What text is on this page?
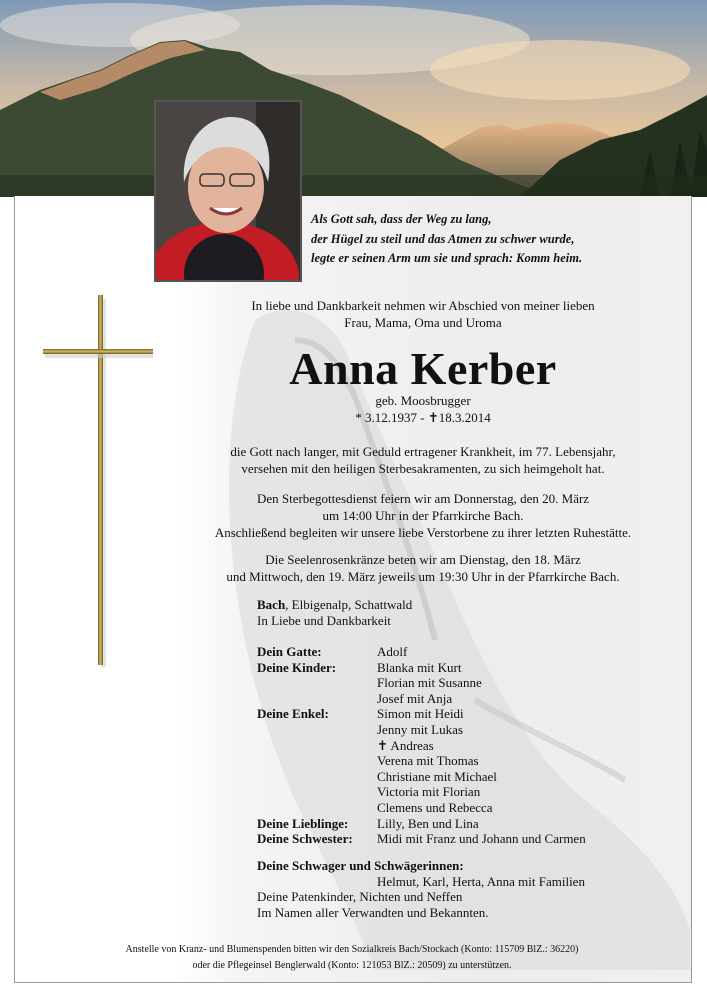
Als Gott sah, dass der Weg zu lang,
der Hügel zu steil und das Atmen zu schwer wurde,
legte er seinen Arm um sie und sprach: Komm heim.
In liebe und Dankbarkeit nehmen wir Abschied von meiner lieben
Frau, Mama, Oma und Uroma
Anna Kerber
geb. Moosbrugger
* 3.12.1937 - ✝18.3.2014
die Gott nach langer, mit Geduld ertragener Krankheit, im 77. Lebensjahr,
versehen mit den heiligen Sterbesakramenten, zu sich heimgeholt hat.
Den Sterbegottesdienst feiern wir am Donnerstag, den 20. März
um 14:00 Uhr in der Pfarrkirche Bach.
Anschließend begleiten wir unsere liebe Verstorbene zu ihrer letzten Ruhestätte.
Die Seelenrosenkränze beten wir am Dienstag, den 18. März
und Mittwoch, den 19. März jeweils um 19:30 Uhr in der Pfarrkirche Bach.
Bach , Elbigenalp, Schattwald
In Liebe und Dankbarkeit
Dein Gatte:	Adolf
Deine Kinder:	Blanka mit Kurt
Florian mit Susanne
Josef mit Anja
Deine Enkel:	Simon mit Heidi
Jenny mit Lukas
✝ Andreas
Verena mit Thomas
Christiane mit Michael
Victoria mit Florian
Clemens und Rebecca
Deine Lieblinge:	Lilly, Ben und Lina
Deine Schwester:	Midi mit Franz und Johann und Carmen
Deine Schwager und Schwägerinnen:
Helmut, Karl, Herta, Anna mit Familien
Deine Patenkinder, Nichten und Neffen
Im Namen aller Verwandten und Bekannten.
Anstelle von Kranz- und Blumenspenden bitten wir den Sozialkreis Bach/Stockach (Konto: 115709 BlZ.: 36220)
oder die Pflegeinsel Benglerwald (Konto: 121053 BlZ.: 20509) zu unterstützen.
